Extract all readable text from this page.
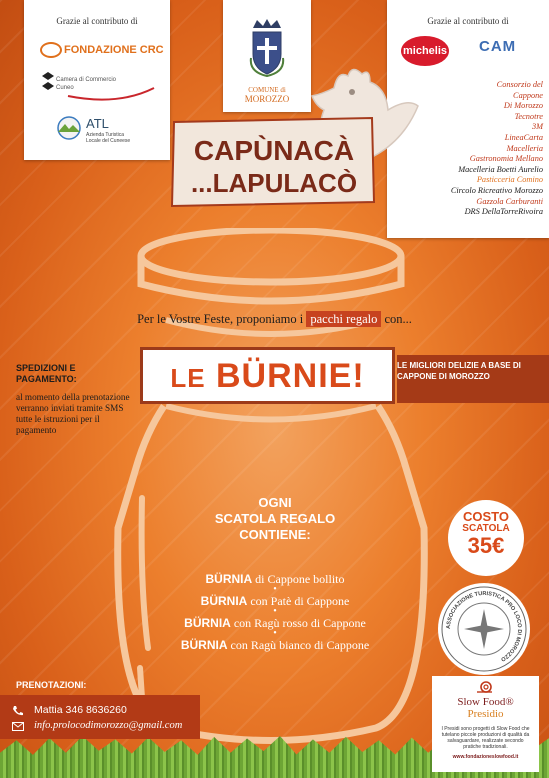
Grazie al contributo di
FONDAZIONE CRC
Camera di Commercio
Cuneo
ATL
Azienda Turistica
Locale del Cuneese
COMUNE di
MOROZZO
Grazie al contributo di
michelis CAM
Consorzio del
Cappone
Di Morozzo
Tecnotre
3M
LineaCarta
Macelleria
Gastronomia Mellano
Macelleria Boetti Aurelio
Pasticceria Comino
Circolo Ricreativo Morozzo
Gazzola Carburanti
DRS DellaTorreRivoira
CAPÙNACÀ
...LAPULACÒ
Per le Vostre Feste, proponiamo i pacchi regalo con...
LE BÜRNIE!	LE MIGLIORI DELIZIE A BASE DI CAPPONE DI MOROZZO
SPEDIZIONI E
PAGAMENTO:
al momento della prenotazione verranno inviati tramite SMS tutte le istruzioni per il pagamento
OGNI
SCATOLA REGALO
CONTIENE:
BÜRNIA di Cappone bollito
•
BÜRNIA con Patè di Cappone
•
BÜRNIA con Ragù rosso di Cappone
•
BÜRNIA con Ragù bianco di Cappone
COSTO
SCATOLA
35€
ASSOCIAZIONE TURISTICA PRO LOCO DI MOROZZO
PRENOTAZIONI:
Mattia 346 8636260
info.prolocodimorozzo@gmail.com
Slow Food®
Presidio
I Presidi sono progetti di Slow Food che tutelano piccole produzioni di qualità da salvaguardare, realizzate secondo pratiche tradizionali.
www.fondazioneslowfood.it
